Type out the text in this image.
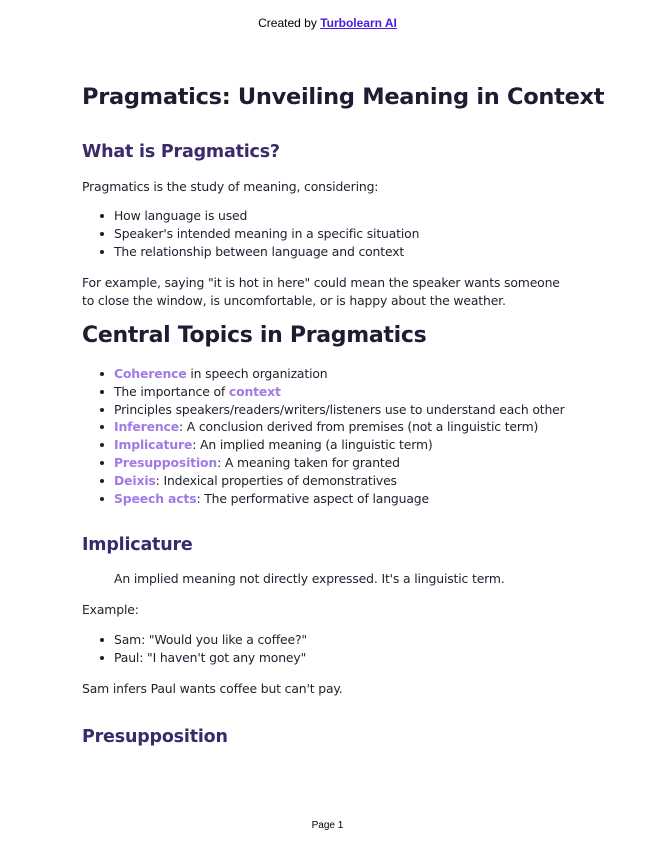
Created by Turbolearn AI
Pragmatics: Unveiling Meaning in Context
What is Pragmatics?

Pragmatics is the study of meaning, considering:

How language is used
Speaker's intended meaning in a specific situation
The relationship between language and context

For example, saying "it is hot in here" could mean the speaker wants someone to close the window, is uncomfortable, or is happy about the weather.

Central Topics in Pragmatics
Coherence in speech organization
The importance of context
Principles speakers/readers/writers/listeners use to understand each other
Inference: A conclusion derived from premises (not a linguistic term)
Implicature: An implied meaning (a linguistic term)
Presupposition: A meaning taken for granted
Deixis: Indexical properties of demonstratives
Speech acts: The performative aspect of language
Implicature

An implied meaning not directly expressed. It's a linguistic term.

Example:

Sam: "Would you like a coffee?"
Paul: "I haven't got any money"

Sam infers Paul wants coffee but can't pay.

Presupposition
Page 1
